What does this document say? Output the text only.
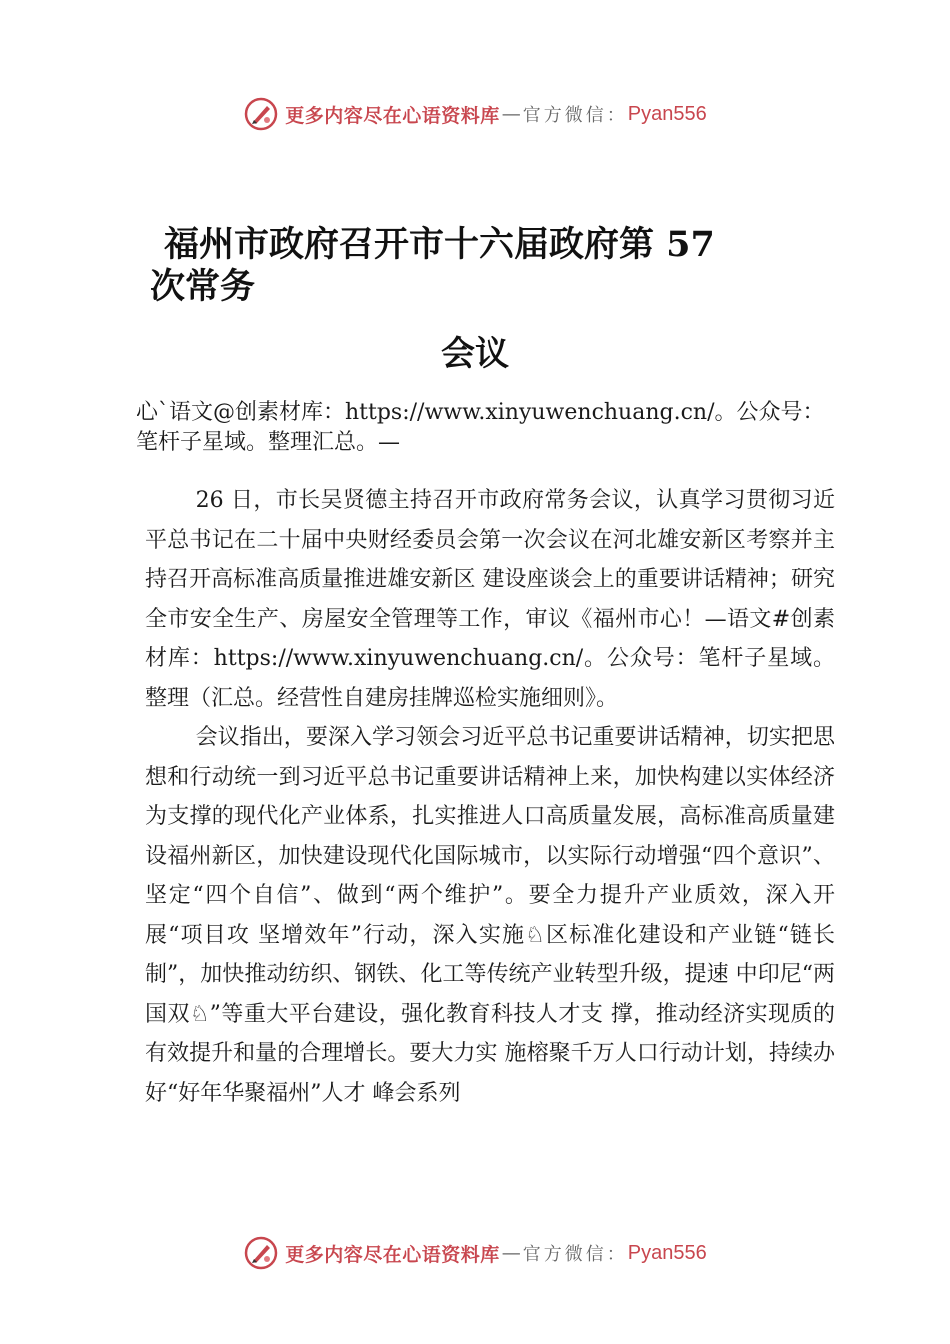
更多内容尽在心语资料库 — 官方微信： Pyan556
福州市政府召开市十六届政府第 57
次常务
会议
心`语文@创素材库：https://www.xinyuwenchuang.cn/。公众号：笔杆子星域。整理汇总。—

26 日，市长吴贤德主持召开市政府常务会议，认真学习贯彻习近平总书记在二十届中央财经委员会第一次会议在河北雄安新区考察并主持召开高标准高质量推进雄安新区 建设座谈会上的重要讲话精神；研究全市安全生产、房屋安全管理等工作，审议《福州市心！—语文#创素材库：https://www.xinyuwenchuang.cn/。公众号：笔杆子星域。整理（汇总。经营性自建房挂牌巡检实施细则》。

会议指出，要深入学习领会习近平总书记重要讲话精神，切实把思想和行动统一到习近平总书记重要讲话精神上来，加快构建以实体经济为支撑的现代化产业体系，扎实推进人口高质量发展，高标准高质量建设福州新区，加快建设现代化国际城市，以实际行动增强“四个意识”、坚定“四个自信”、做到“两个维护”。要全力提升产业质效，深入开展“项目攻 坚增效年”行动，深入实施♘区标准化建设和产业链“链长 制”，加快推动纺织、钢铁、化工等传统产业转型升级，提速 中印尼“两国双♘”等重大平台建设，强化教育科技人才支 撑，推动经济实现质的有效提升和量的合理增长。要大力实 施榕聚千万人口行动计划，持续办好“好年华聚福州”人才 峰会系列

更多内容尽在心语资料库 — 官方微信： Pyan556
